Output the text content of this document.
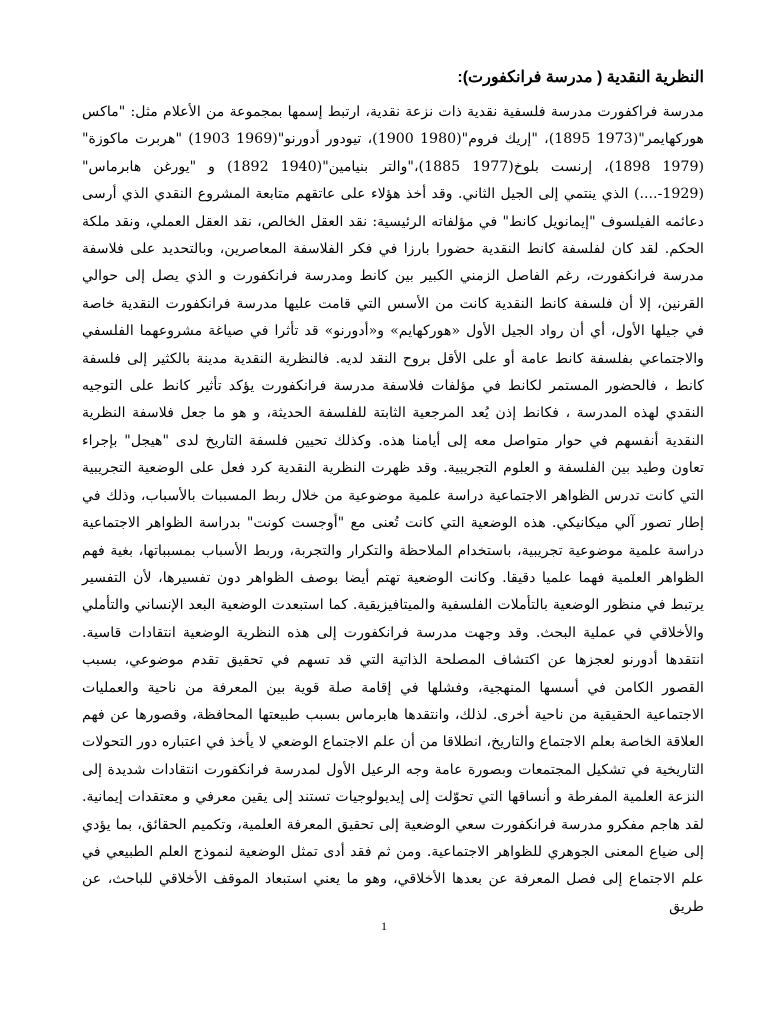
النظرية النقدية ( مدرسة فرانكفورت):

مدرسة فراكفورت مدرسة فلسفية نقدية ذات نزعة نقدية، ارتبط إسمها بمجموعة من الأعلام مثل: "ماكس هوركهايمر"(1973 1895)، "إريك فروم"(1980 1900)، تيودور أدورنو"(1969 1903) "هربرت ماكوزة"(1979 1898)، إرنست بلوخ(1977 1885)،"والتر بنيامين"(1940 1892) و "يورغن هابرماس"(1929-....) الذي ينتمي إلى الجيل الثاني. وقد أخذ هؤلاء على عاتقهم متابعة المشروع النقدي الذي أرسى دعائمه الفيلسوف "إيمانويل كانط" في مؤلفاته الرئيسية: نقد العقل الخالص، نقد العقل العملي، ونقد ملكة الحكم. لقد كان لفلسفة كانط النقدية حضورا بارزا في فكر الفلاسفة المعاصرين، وبالتحديد على فلاسفة مدرسة فرانكفورت، رغم الفاصل الزمني الكبير بين كانط ومدرسة فرانكفورت و الذي يصل إلى حوالي القرنين، إلا أن فلسفة كانط النقدية كانت من الأسس التي قامت عليها مدرسة فرانكفورت النقدية خاصة في جيلها الأول، أي أن رواد الجيل الأول «هوركهايم» و«أدورنو» قد تأثرا في صياغة مشروعهما الفلسفي والاجتماعي بفلسفة كانط عامة أو على الأقل بروح النقد لديه. فالنظرية النقدية مدينة بالكثير إلى فلسفة كانط ، فالحضور المستمر لكانط في مؤلفات فلاسفة مدرسة فرانكفورت يؤكد تأثير كانط على التوجيه النقدي لهذه المدرسة ، فكانط إذن يُعد المرجعية الثابتة للفلسفة الحديثة، و هو ما جعل فلاسفة النظرية النقدية أنفسهم في حوار متواصل معه إلى أيامنا هذه. وكذلك تحيين فلسفة التاريخ لدى "هيجل" بإجراء تعاون وطيد بين الفلسفة و العلوم التجريبية. وقد ظهرت النظرية النقدية كرد فعل على الوضعية التجريبية التي كانت تدرس الظواهر الاجتماعية دراسة علمية موضوعية من خلال ربط المسببات بالأسباب، وذلك في إطار تصور آلي ميكانيكي. هذه الوضعية التي كانت تُعنى مع "أوجست كونت" بدراسة الظواهر الاجتماعية دراسة علمية موضوعية تجريبية، باستخدام الملاحظة والتكرار والتجربة، وربط الأسباب بمسبباتها، بغية فهم الظواهر العلمية فهما علميا دقيقا. وكانت الوضعية تهتم أيضا بوصف الظواهر دون تفسيرها، لأن التفسير يرتبط في منظور الوضعية بالتأملات الفلسفية والميتافيزيقية. كما استبعدت الوضعية البعد الإنساني والتأملي والأخلاقي في عملية البحث. وقد وجهت مدرسة فرانكفورت إلى هذه النظرية الوضعية انتقادات قاسية. انتقدها أدورنو لعجزها عن اكتشاف المصلحة الذاتية التي قد تسهم في تحقيق تقدم موضوعي، بسبب القصور الكامن في أسسها المنهجية، وفشلها في إقامة صلة قوية بين المعرفة من ناحية والعمليات الاجتماعية الحقيقية من ناحية أخرى. لذلك، وانتقدها هابرماس بسبب طبيعتها المحافظة، وقصورها عن فهم العلاقة الخاصة بعلم الاجتماع والتاريخ، انطلاقا من أن علم الاجتماع الوضعي لا يأخذ في اعتباره دور التحولات التاريخية في تشكيل المجتمعات وبصورة عامة وجه الرعيل الأول لمدرسة فرانكفورت انتقادات شديدة إلى النزعة العلمية المفرطة و أنساقها التي تحوّلت إلى إيديولوجيات تستند إلى يقين معرفي و معتقدات إيمانية. لقد هاجم مفكرو مدرسة فرانكفورت سعي الوضعية إلى تحقيق المعرفة العلمية، وتكميم الحقائق، بما يؤدي إلى ضياع المعنى الجوهري للظواهر الاجتماعية. ومن ثم فقد أدى تمثل الوضعية لنموذج العلم الطبيعي في علم الاجتماع إلى فصل المعرفة عن بعدها الأخلاقي، وهو ما يعني استبعاد الموقف الأخلاقي للباحث، عن طريق

1
